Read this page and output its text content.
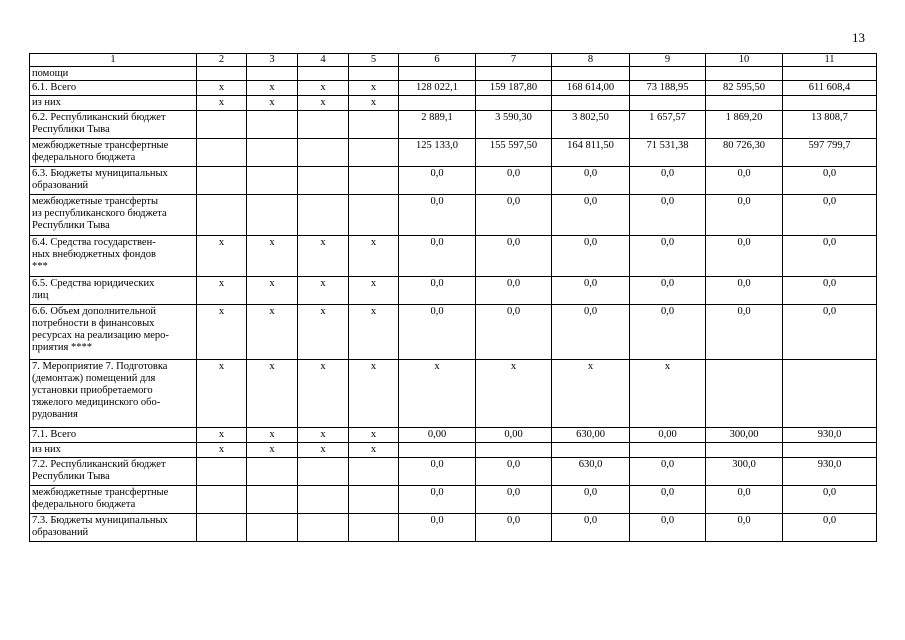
13
1	2	3	4	5	6	7	8	9	10	11
помощи										
6.1. Всего	х	х	х	х	128 022,1	159 187,80	168 614,00	73 188,95	82 595,50	611 608,4
из них	х	х	х	х						
6.2. Республиканский бюджет
Республики Тыва					2 889,1	3 590,30	3 802,50	1 657,57	1 869,20	13 808,7
межбюджетные трансфертные
федерального бюджета					125 133,0	155 597,50	164 811,50	71 531,38	80 726,30	597 799,7
6.3. Бюджеты муниципальных
образований					0,0	0,0	0,0	0,0	0,0	0,0
межбюджетные трансферты
из республиканского бюджета
Республики Тыва					0,0	0,0	0,0	0,0	0,0	0,0
6.4. Средства государствен-
ных внебюджетных фондов
***	х	х	х	х	0,0	0,0	0,0	0,0	0,0	0,0
6.5. Средства юридических
лиц	х	х	х	х	0,0	0,0	0,0	0,0	0,0	0,0
6.6. Объем дополнительной
потребности в финансовых
ресурсах на реализацию меро-
приятия ****	х	х	х	х	0,0	0,0	0,0	0,0	0,0	0,0
7. Мероприятие 7. Подготовка
(демонтаж) помещений для
установки приобретаемого
тяжелого медицинского обо-
рудования	х	х	х	х	х	х	х	х		
7.1. Всего	х	х	х	х	0,00	0,00	630,00	0,00	300,00	930,0
из них	х	х	х	х						
7.2. Республиканский бюджет
Республики Тыва					0,0	0,0	630,0	0,0	300,0	930,0
межбюджетные трансфертные
федерального бюджета					0,0	0,0	0,0	0,0	0,0	0,0
7.3. Бюджеты муниципальных
образований					0,0	0,0	0,0	0,0	0,0	0,0
